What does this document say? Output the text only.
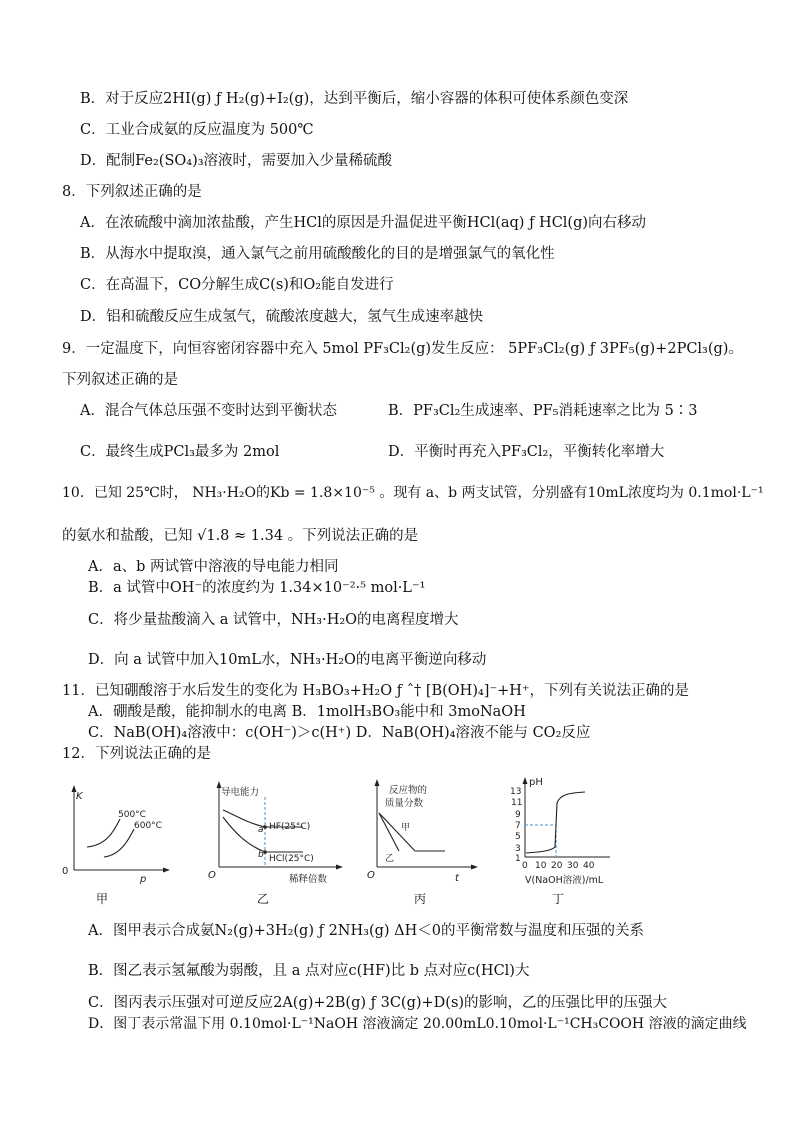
B．对于反应2HI(g) ƒ H₂(g)+I₂(g)，达到平衡后，缩小容器的体积可使体系颜色变深
C．工业合成氨的反应温度为 500℃
D．配制Fe₂(SO₄)₃溶液时，需要加入少量稀硫酸
8．下列叙述正确的是
A．在浓硫酸中滴加浓盐酸，产生HCl的原因是升温促进平衡HCl(aq) ƒ HCl(g)向右移动
B．从海水中提取溴，通入氯气之前用硫酸酸化的目的是增强氯气的氧化性
C．在高温下，CO分解生成C(s)和O₂能自发进行
D．铝和硫酸反应生成氢气，硫酸浓度越大，氢气生成速率越快
9．一定温度下，向恒容密闭容器中充入 5mol PF₃Cl₂(g)发生反应： 5PF₃Cl₂(g) ƒ 3PF₅(g)+2PCl₃(g)。
下列叙述正确的是
A．混合气体总压强不变时达到平衡状态	B．PF₃Cl₂生成速率、PF₅消耗速率之比为 5∶3
C．最终生成PCl₃最多为 2mol	D．平衡时再充入PF₃Cl₂，平衡转化率增大
10．已知 25℃时， NH₃·H₂O的Kb = 1.8×10⁻⁵ 。现有 a、b 两支试管，分别盛有10mL浓度均为 0.1mol·L⁻¹
的氨水和盐酸，已知 √1.8 ≈ 1.34 。下列说法正确的是
A．a、b 两试管中溶液的导电能力相同
B．a 试管中OH⁻的浓度约为 1.34×10⁻²·⁵ mol·L⁻¹
C．将少量盐酸滴入 a 试管中，NH₃·H₂O的电离程度增大
D．向 a 试管中加入10mL水，NH₃·H₂O的电离平衡逆向移动
11．已知硼酸溶于水后发生的变化为 H₃BO₃+H₂O ƒ ˆ† [B(OH)₄]⁻+H⁺，下列有关说法正确的是
A．硼酸是酸，能抑制水的电离 B．1molH₃BO₃能中和 3moNaOH
C．NaB(OH)₄溶液中：c(OH⁻)＞c(H⁺) D．NaB(OH)₄溶液不能与 CO₂反应
12．下列说法正确的是
K
p
0
500°C
600°C
甲
导电能力
稀释倍数
O
a
b
HF(25°C)
HCl(25°C)
乙
反应物的
质量分数
t
O
甲
乙
丙
pH
13
11
9
7
5
3
1
0 10 20 30 40
V(NaOH溶液)/mL
丁
A．图甲表示合成氨N₂(g)+3H₂(g) ƒ 2NH₃(g) ΔH＜0的平衡常数与温度和压强的关系
B．图乙表示氢氟酸为弱酸，且 a 点对应c(HF)比 b 点对应c(HCl)大
C．图丙表示压强对可逆反应2A(g)+2B(g) ƒ 3C(g)+D(s)的影响，乙的压强比甲的压强大
D．图丁表示常温下用 0.10mol·L⁻¹NaOH 溶液滴定 20.00mL0.10mol·L⁻¹CH₃COOH 溶液的滴定曲线
